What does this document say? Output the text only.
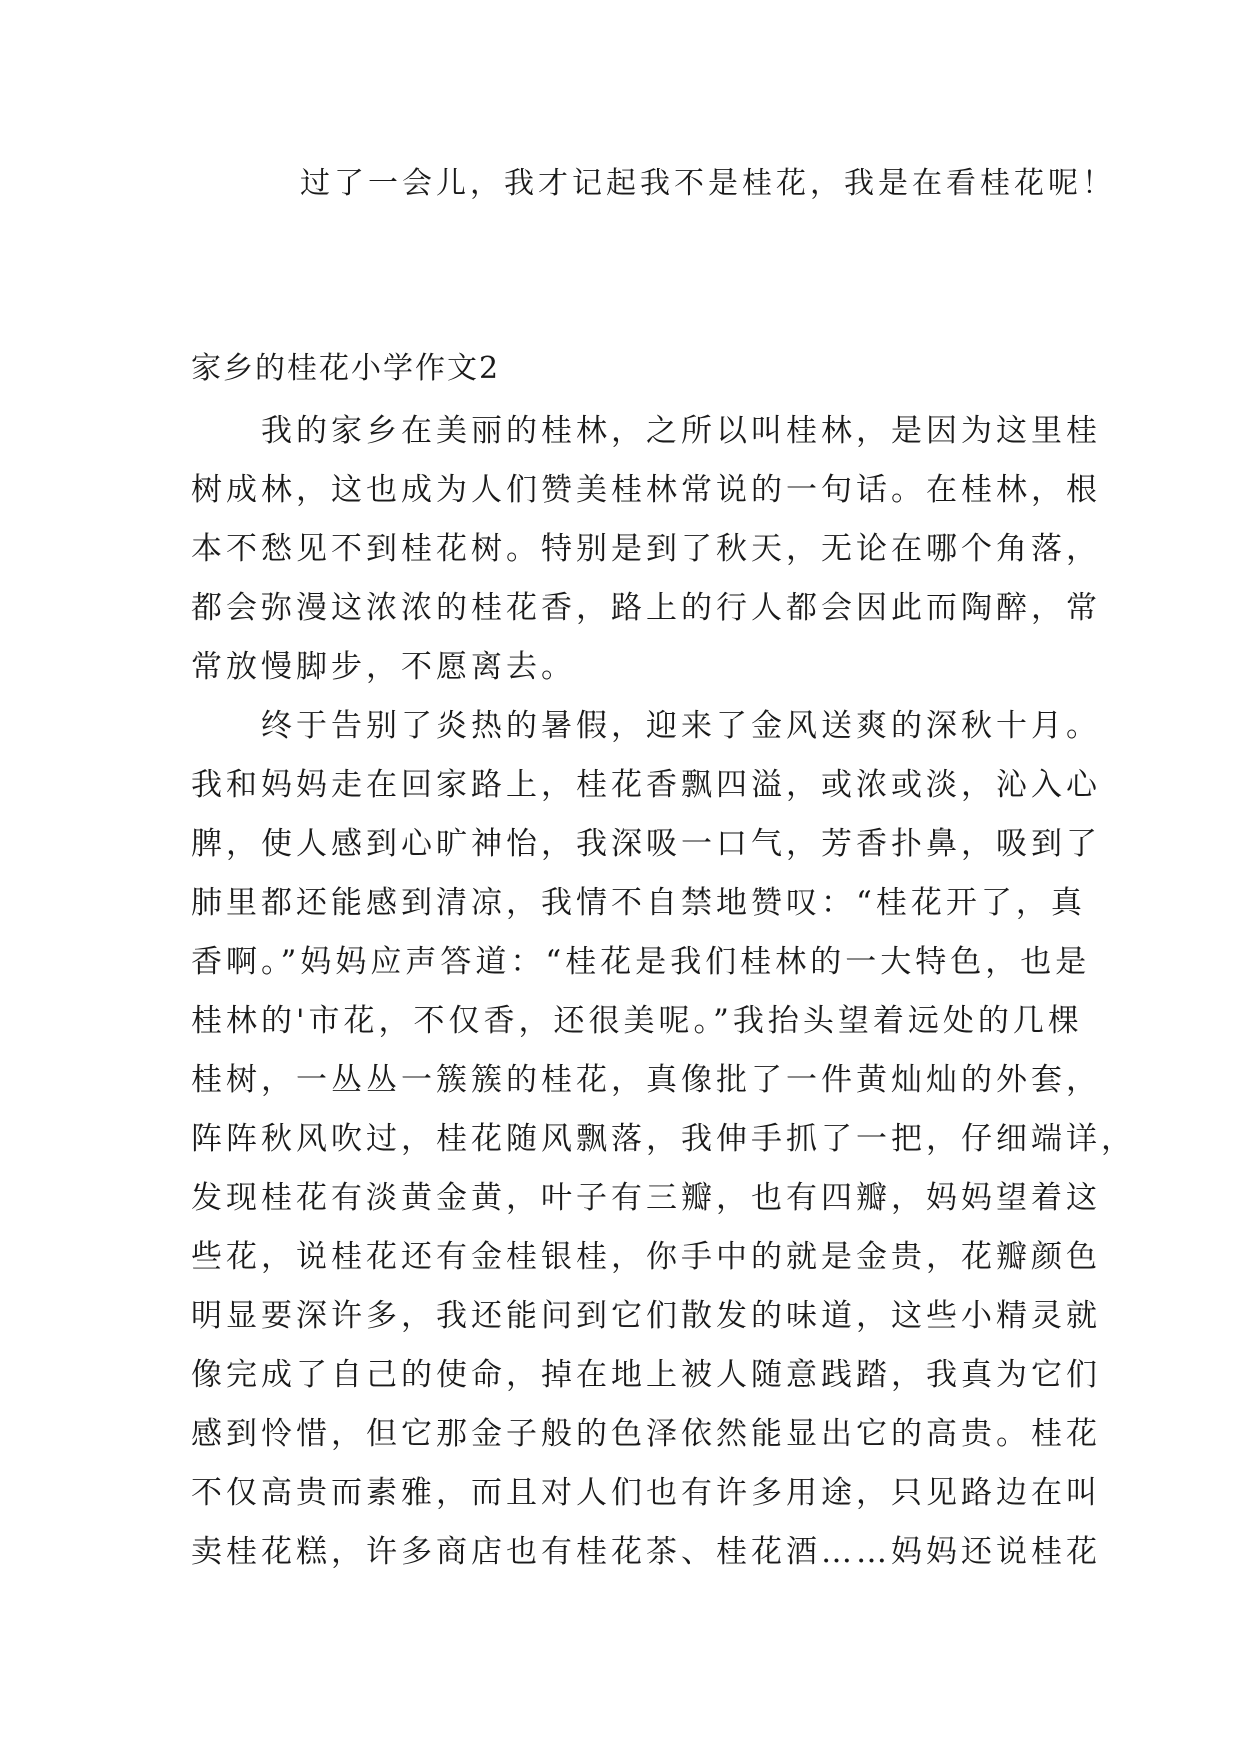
过了一会儿，我才记起我不是桂花，我是在看桂花呢！
家乡的桂花小学作文2
我的家乡在美丽的桂林，之所以叫桂林，是因为这里桂
树成林，这也成为人们赞美桂林常说的一句话。在桂林，根
本不愁见不到桂花树。特别是到了秋天，无论在哪个角落，
都会弥漫这浓浓的桂花香，路上的行人都会因此而陶醉，常
常放慢脚步，不愿离去。
终于告别了炎热的暑假，迎来了金风送爽的深秋十月。
我和妈妈走在回家路上，桂花香飘四溢，或浓或淡，沁入心
脾，使人感到心旷神怡，我深吸一口气，芳香扑鼻，吸到了
肺里都还能感到清凉，我情不自禁地赞叹：“桂花开了，真
香啊。”妈妈应声答道：“桂花是我们桂林的一大特色，也是
桂林的'市花，不仅香，还很美呢。”我抬头望着远处的几棵
桂树，一丛丛一簇簇的桂花，真像批了一件黄灿灿的外套，
阵阵秋风吹过，桂花随风飘落，我伸手抓了一把，仔细端详，
发现桂花有淡黄金黄，叶子有三瓣，也有四瓣，妈妈望着这
些花，说桂花还有金桂银桂，你手中的就是金贵，花瓣颜色
明显要深许多，我还能问到它们散发的味道，这些小精灵就
像完成了自己的使命，掉在地上被人随意践踏，我真为它们
感到怜惜，但它那金子般的色泽依然能显出它的高贵。桂花
不仅高贵而素雅，而且对人们也有许多用途，只见路边在叫
卖桂花糕，许多商店也有桂花茶、桂花酒……妈妈还说桂花
